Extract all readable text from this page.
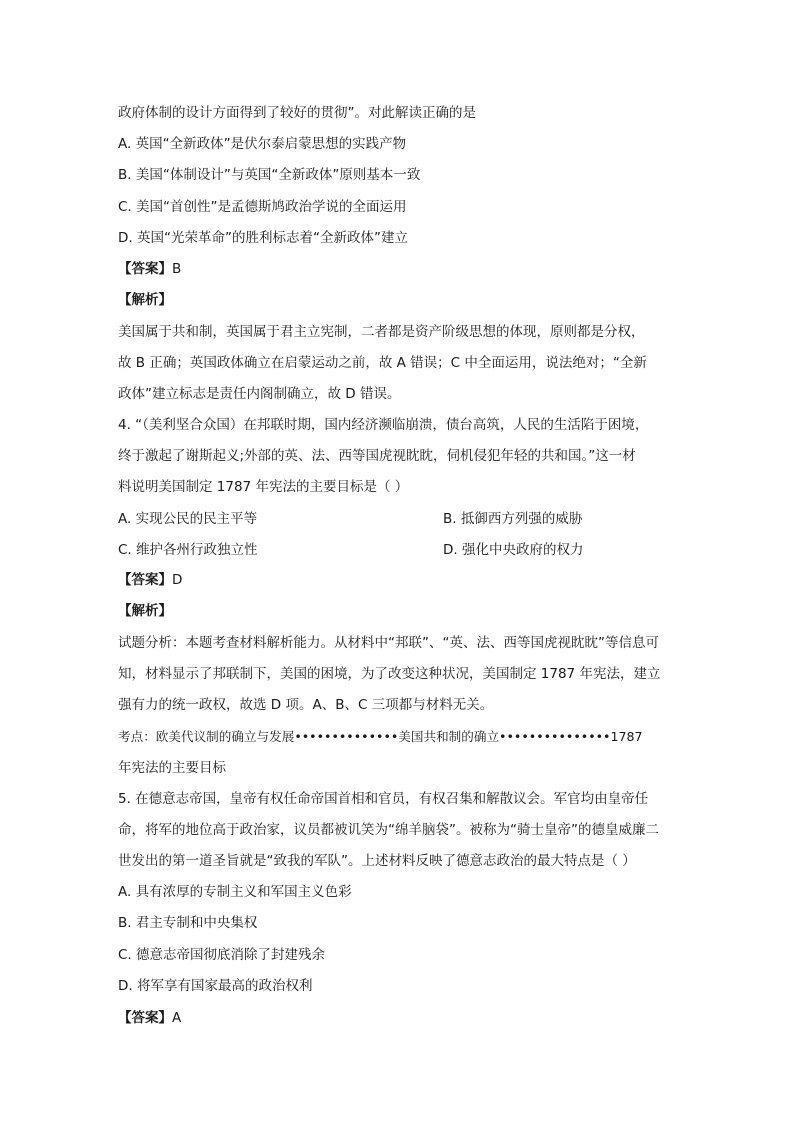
政府体制的设计方面得到了较好的贯彻”。对此解读正确的是
A. 英国“全新政体”是伏尔泰启蒙思想的实践产物
B. 美国“体制设计”与英国“全新政体”原则基本一致
C. 美国“首创性”是孟德斯鸠政治学说的全面运用
D. 英国“光荣革命”的胜利标志着“全新政体”建立
【答案】B
【解析】
美国属于共和制，英国属于君主立宪制，二者都是资产阶级思想的体现，原则都是分权，
故 B 正确；英国政体确立在启蒙运动之前，故 A 错误；C 中全面运用，说法绝对；“全新
政体”建立标志是责任内阁制确立，故 D 错误。
4. “（美利坚合众国）在邦联时期，国内经济濒临崩溃，债台高筑，人民的生活陷于困境，
终于激起了谢斯起义;外部的英、法、西等国虎视眈眈，伺机侵犯年轻的共和国。”这一材
料说明美国制定 1787 年宪法的主要目标是（ ）
A. 实现公民的民主平等	B. 抵御西方列强的威胁
C. 维护各州行政独立性	D. 强化中央政府的权力
【答案】D
【解析】
试题分析：本题考查材料解析能力。从材料中“邦联”、“英、法、西等国虎视眈眈”等信息可
知，材料显示了邦联制下，美国的困境，为了改变这种状况，美国制定 1787 年宪法，建立
强有力的统一政权，故选 D 项。A、B、C 三项都与材料无关。
考点：欧美代议制的确立与发展••••••••••••••美国共和制的确立•••••••••••••••1787
年宪法的主要目标
5. 在德意志帝国，皇帝有权任命帝国首相和官员，有权召集和解散议会。军官均由皇帝任
命，将军的地位高于政治家，议员都被讥笑为“绵羊脑袋”。被称为“骑士皇帝”的德皇威廉二
世发出的第一道圣旨就是“致我的军队”。上述材料反映了德意志政治的最大特点是（ ）
A. 具有浓厚的专制主义和军国主义色彩
B. 君主专制和中央集权
C. 德意志帝国彻底消除了封建残余
D. 将军享有国家最高的政治权利
【答案】A
